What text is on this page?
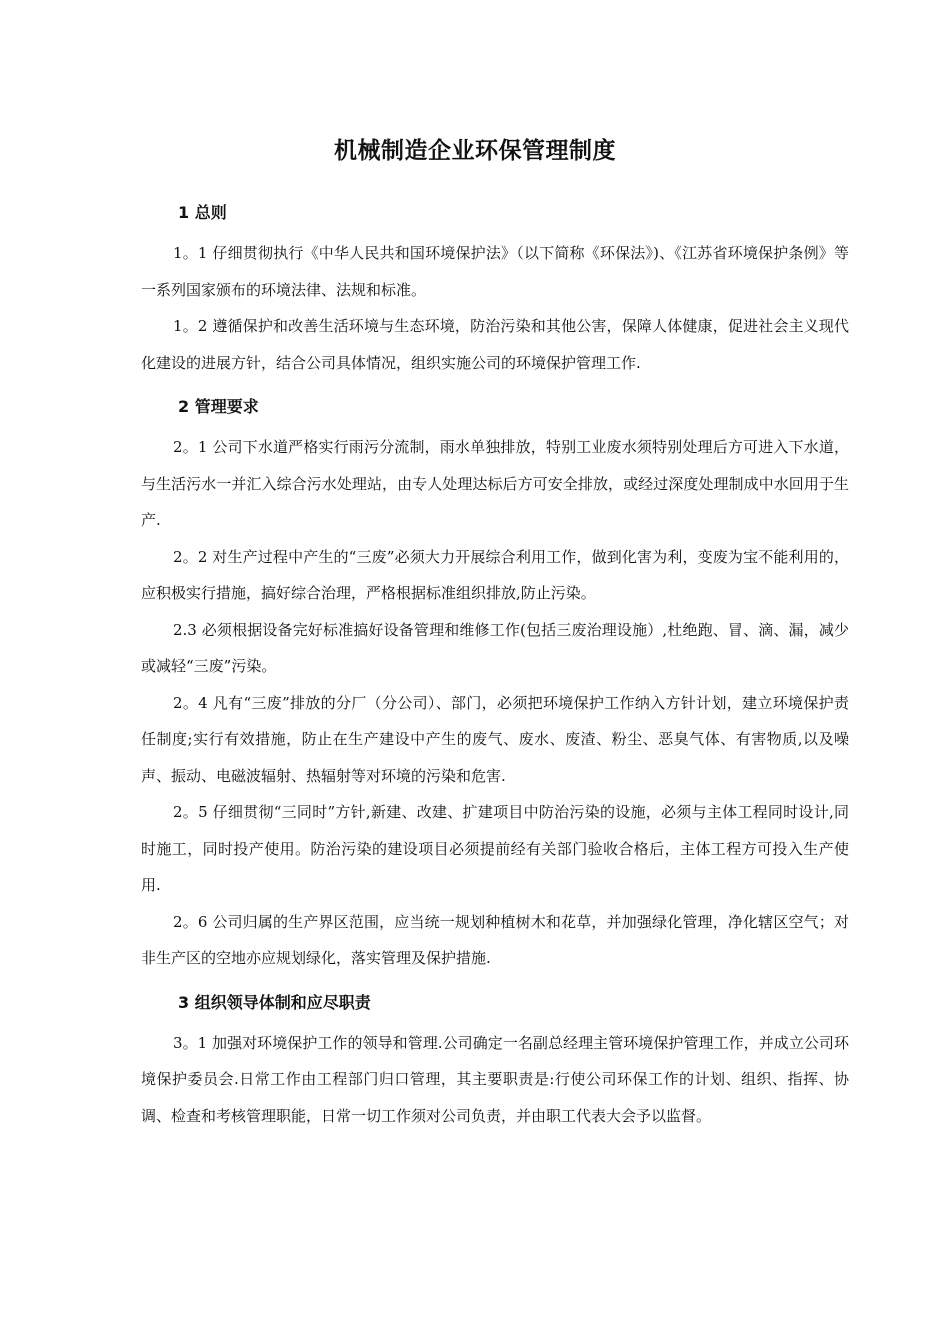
机械制造企业环保管理制度
1 总则

1。1 仔细贯彻执行《中华人民共和国环境保护法》（以下简称《环保法》)、《江苏省环境保护条例》等一系列国家颁布的环境法律、法规和标准。

1。2 遵循保护和改善生活环境与生态环境，防治污染和其他公害，保障人体健康，促进社会主义现代化建设的进展方针，结合公司具体情况，组织实施公司的环境保护管理工作.

2 管理要求

2。1 公司下水道严格实行雨污分流制，雨水单独排放，特别工业废水须特别处理后方可进入下水道，与生活污水一并汇入综合污水处理站，由专人处理达标后方可安全排放，或经过深度处理制成中水回用于生产.

2。2 对生产过程中产生的“三废”必须大力开展综合利用工作，做到化害为利，变废为宝不能利用的，应积极实行措施，搞好综合治理，严格根据标准组织排放,防止污染。

2.3 必须根据设备完好标准搞好设备管理和维修工作(包括三废治理设施）,杜绝跑、冒、滴、漏，减少或减轻“三废”污染。

2。4 凡有“三废”排放的分厂（分公司）、部门，必须把环境保护工作纳入方针计划，建立环境保护责任制度;实行有效措施，防止在生产建设中产生的废气、废水、废渣、粉尘、恶臭气体、有害物质,以及噪声、振动、电磁波辐射、热辐射等对环境的污染和危害.

2。5 仔细贯彻“三同时”方针,新建、改建、扩建项目中防治污染的设施，必须与主体工程同时设计,同时施工，同时投产使用。防治污染的建设项目必须提前经有关部门验收合格后，主体工程方可投入生产使用.

2。6 公司归属的生产界区范围，应当统一规划种植树木和花草，并加强绿化管理，净化辖区空气；对非生产区的空地亦应规划绿化，落实管理及保护措施.

3 组织领导体制和应尽职责

3。1 加强对环境保护工作的领导和管理.公司确定一名副总经理主管环境保护管理工作，并成立公司环境保护委员会.日常工作由工程部门归口管理，其主要职责是:行使公司环保工作的计划、组织、指挥、协调、检查和考核管理职能，日常一切工作须对公司负责，并由职工代表大会予以监督。
